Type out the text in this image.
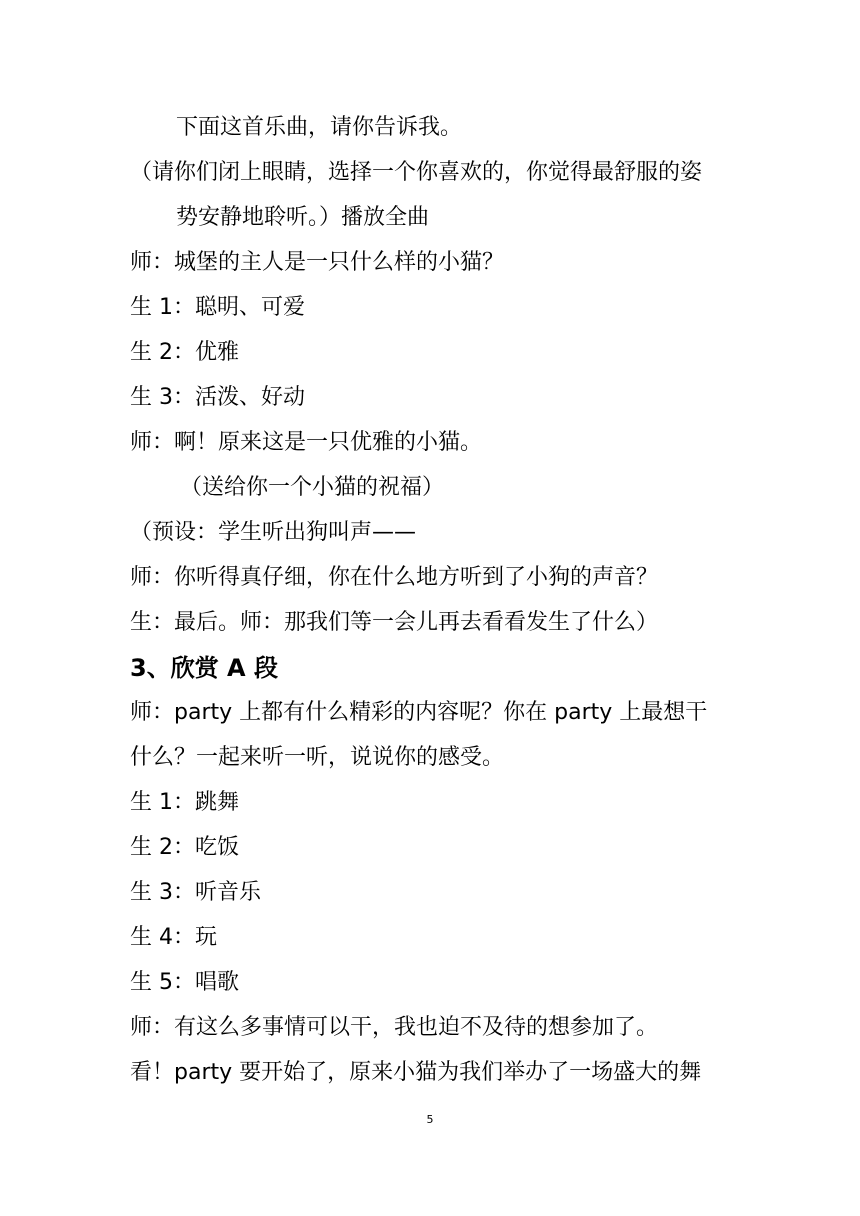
下面这首乐曲，请你告诉我。
（请你们闭上眼睛，选择一个你喜欢的，你觉得最舒服的姿
势安静地聆听。）播放全曲
师：城堡的主人是一只什么样的小猫？
生 1：聪明、可爱
生 2：优雅
生 3：活泼、好动
师：啊！原来这是一只优雅的小猫。
（送给你一个小猫的祝福）
（预设：学生听出狗叫声——
师：你听得真仔细，你在什么地方听到了小狗的声音？
生：最后。师：那我们等一会儿再去看看发生了什么）
3、欣赏 A 段
师：party 上都有什么精彩的内容呢？你在 party 上最想干
什么？一起来听一听，说说你的感受。
生 1：跳舞
生 2：吃饭
生 3：听音乐
生 4：玩
生 5：唱歌
师：有这么多事情可以干，我也迫不及待的想参加了。
看！party 要开始了，原来小猫为我们举办了一场盛大的舞
5
